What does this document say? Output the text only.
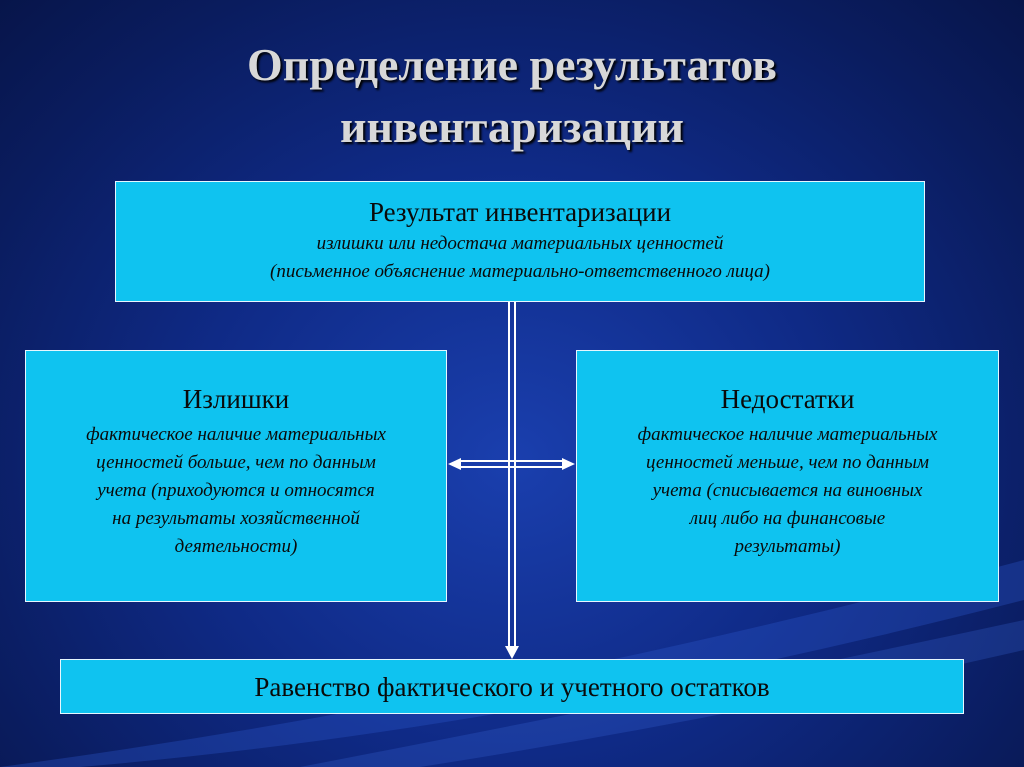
Определение результатов
инвентаризации
Результат инвентаризации
излишки или недостача материальных ценностей
(письменное объяснение материально-ответственного лица)
Излишки
фактическое наличие материальных
ценностей больше, чем по данным
учета (приходуются и относятся
на результаты хозяйственной
деятельности)
Недостатки
фактическое наличие материальных
ценностей меньше, чем по данным
учета (списывается на виновных
лиц либо на финансовые
результаты)
Равенство фактического и учетного остатков
